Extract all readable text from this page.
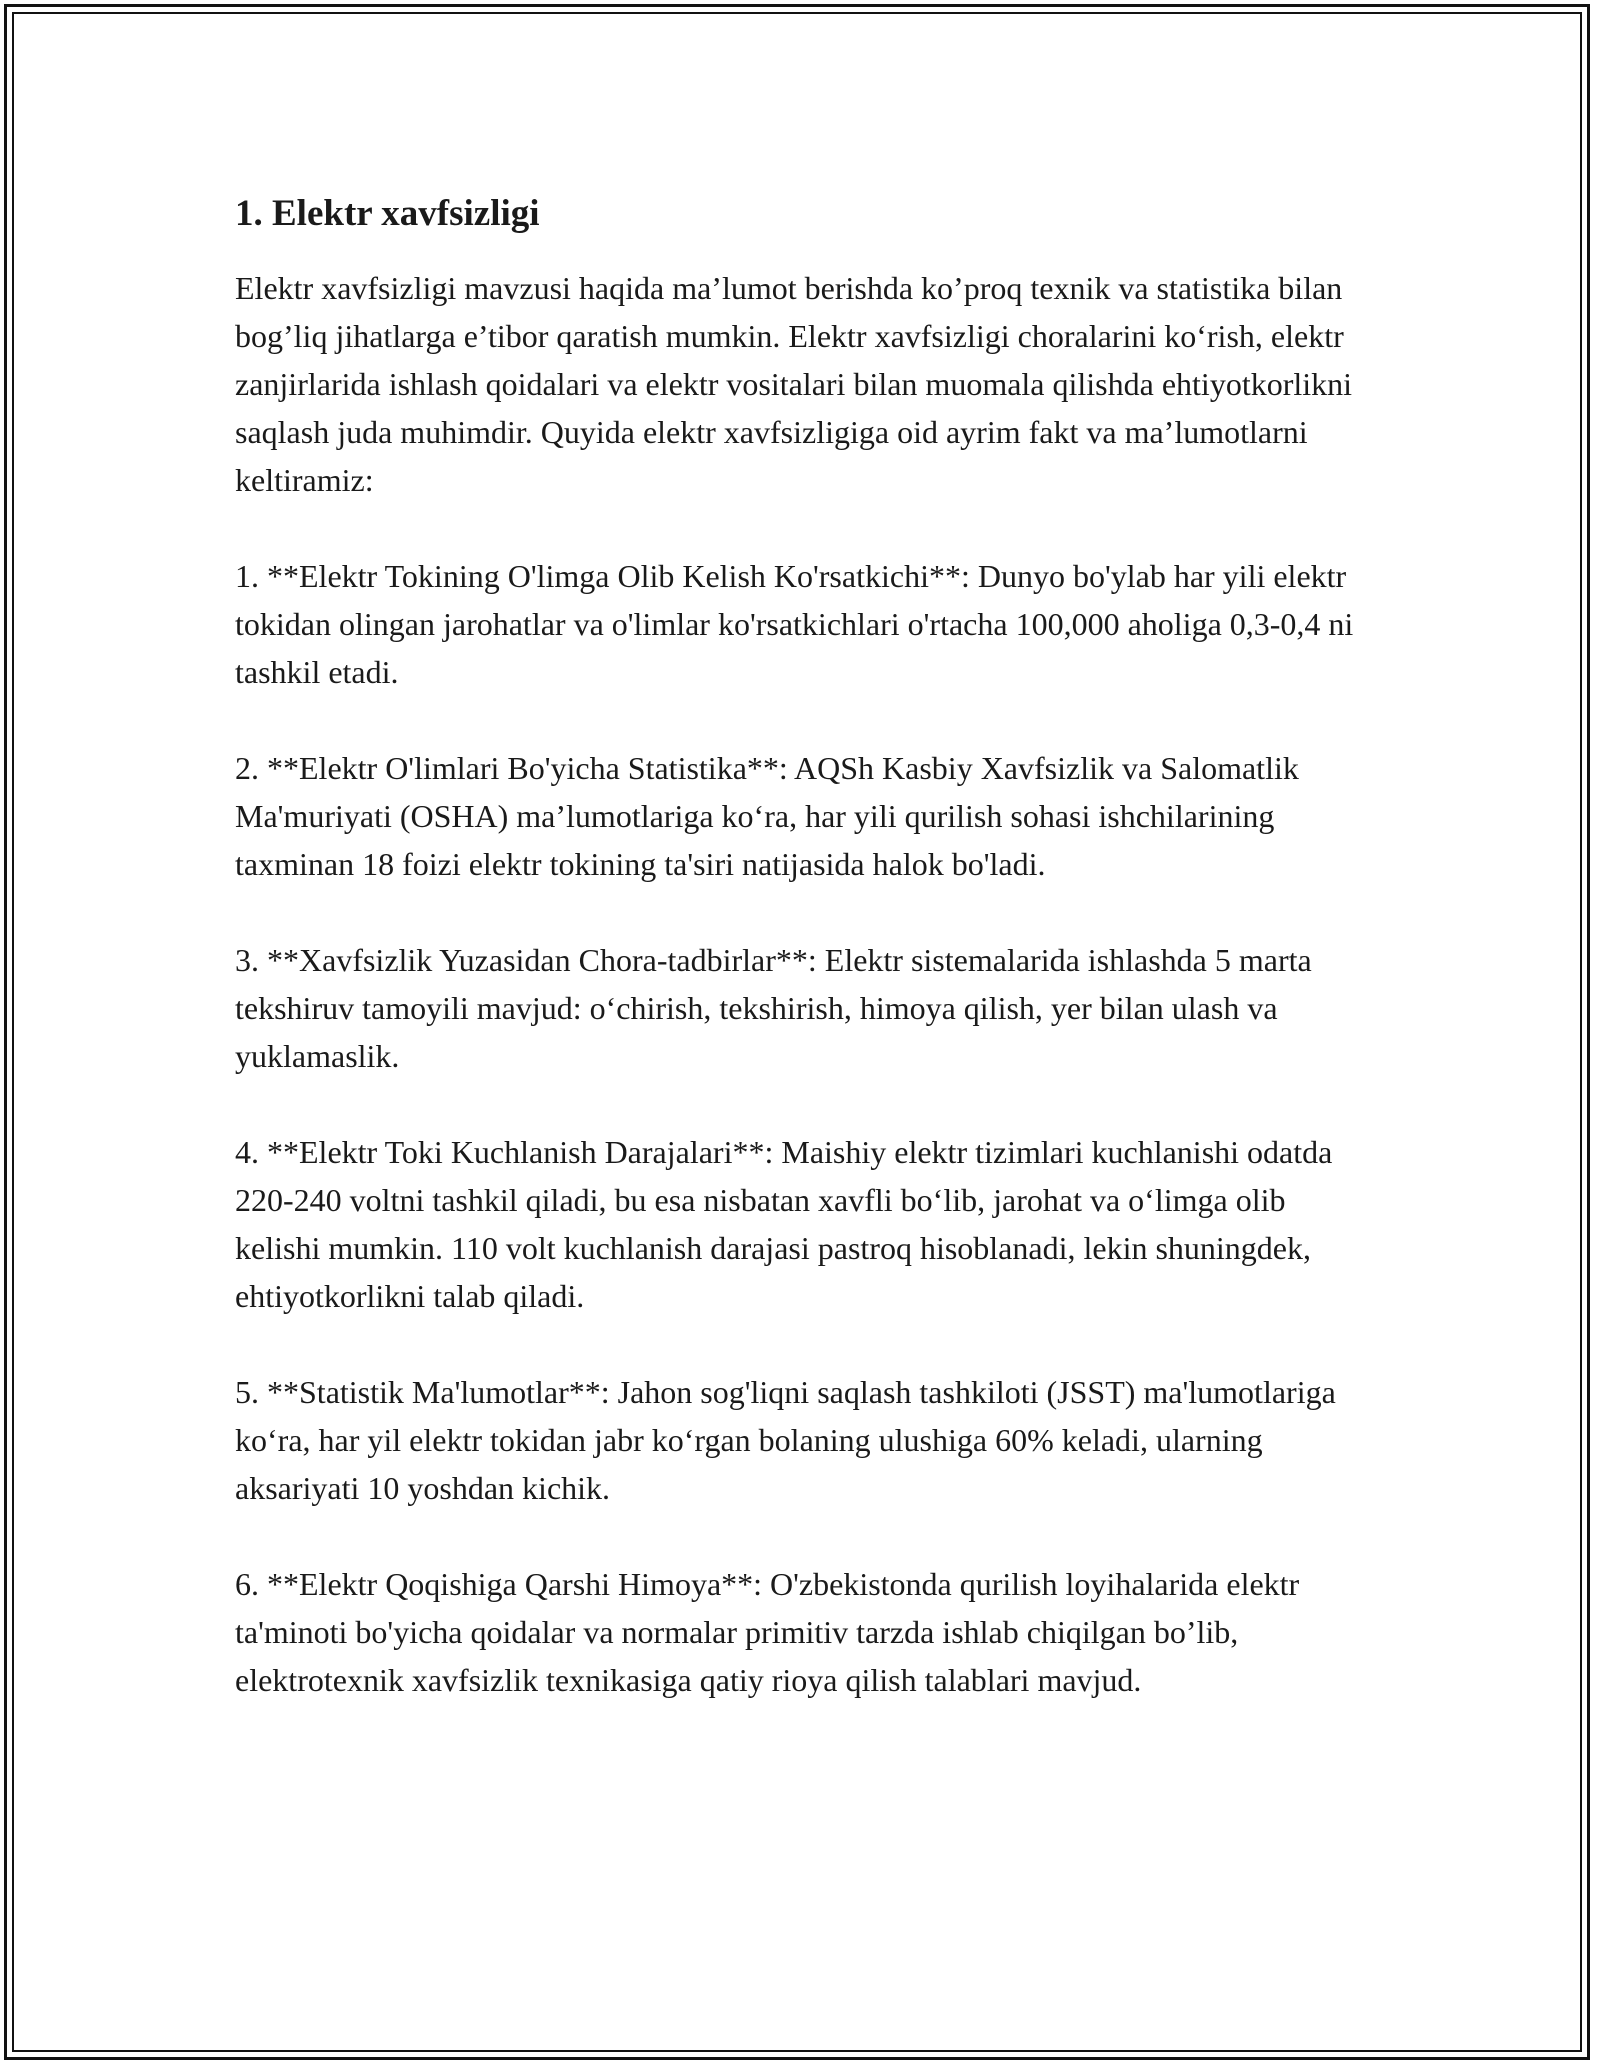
1. Elektr xavfsizligi

Elektr xavfsizligi mavzusi haqida ma’lumot berishda ko’proq texnik va statistika bilan bog’liq jihatlarga e’tibor qaratish mumkin. Elektr xavfsizligi choralarini ko‘rish, elektr zanjirlarida ishlash qoidalari va elektr vositalari bilan muomala qilishda ehtiyotkorlikni saqlash juda muhimdir. Quyida elektr xavfsizligiga oid ayrim fakt va ma’lumotlarni keltiramiz:

1. **Elektr Tokining O'limga Olib Kelish Ko'rsatkichi**: Dunyo bo'ylab har yili elektr tokidan olingan jarohatlar va o'limlar ko'rsatkichlari o'rtacha 100,000 aholiga 0,3-0,4 ni tashkil etadi.

2. **Elektr O'limlari Bo'yicha Statistika**: AQSh Kasbiy Xavfsizlik va Salomatlik Ma'muriyati (OSHA) ma’lumotlariga ko‘ra, har yili qurilish sohasi ishchilarining taxminan 18 foizi elektr tokining ta'siri natijasida halok bo'ladi.

3. **Xavfsizlik Yuzasidan Chora-tadbirlar**: Elektr sistemalarida ishlashda 5 marta tekshiruv tamoyili mavjud: o‘chirish, tekshirish, himoya qilish, yer bilan ulash va yuklamaslik.

4. **Elektr Toki Kuchlanish Darajalari**: Maishiy elektr tizimlari kuchlanishi odatda 220-240 voltni tashkil qiladi, bu esa nisbatan xavfli bo‘lib, jarohat va o‘limga olib kelishi mumkin. 110 volt kuchlanish darajasi pastroq hisoblanadi, lekin shuningdek, ehtiyotkorlikni talab qiladi.

5. **Statistik Ma'lumotlar**: Jahon sog'liqni saqlash tashkiloti (JSST) ma'lumotlariga ko‘ra, har yil elektr tokidan jabr ko‘rgan bolaning ulushiga 60% keladi, ularning aksariyati 10 yoshdan kichik.

6. **Elektr Qoqishiga Qarshi Himoya**: O'zbekistonda qurilish loyihalarida elektr ta'minoti bo'yicha qoidalar va normalar primitiv tarzda ishlab chiqilgan bo’lib, elektrotexnik xavfsizlik texnikasiga qatiy rioya qilish talablari mavjud.
